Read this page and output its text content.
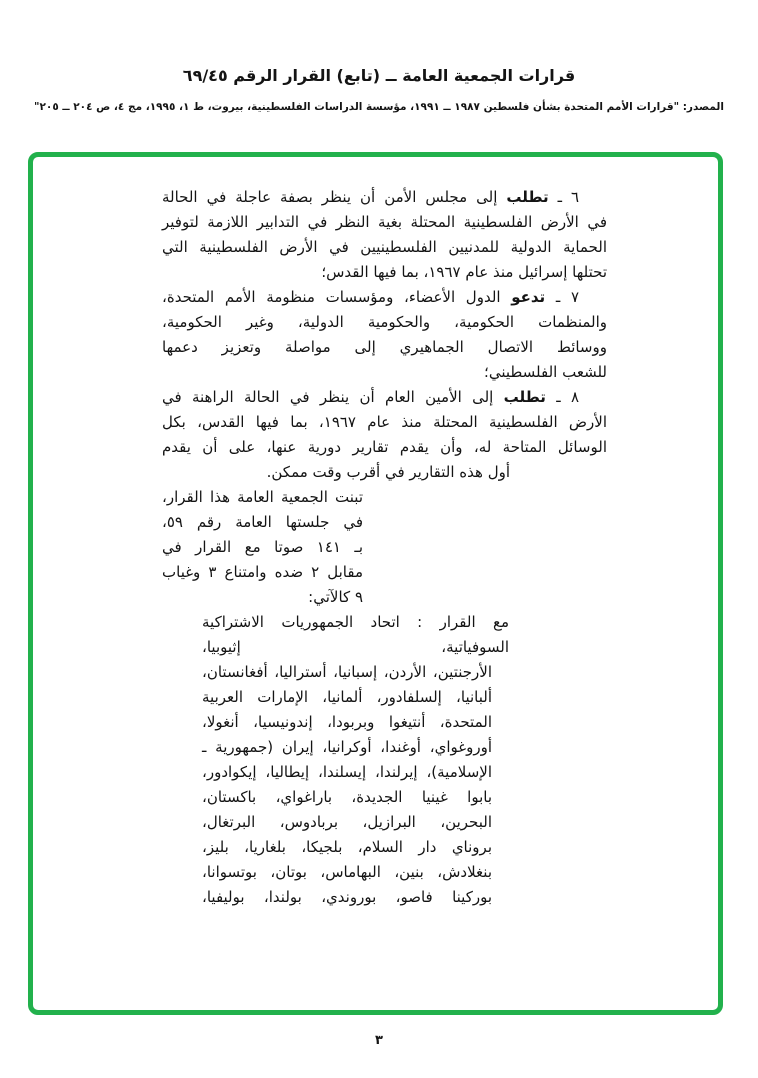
قرارات الجمعية العامة ــ (تابع) القرار الرقم ٦٩/٤٥
المصدر: "قرارات الأمم المتحدة بشأن فلسطين ١٩٨٧ ــ ١٩٩١، مؤسسة الدراسات الفلسطينية، بيروت، ط ١، ١٩٩٥، مج ٤، ص ٢٠٤ ــ ٢٠٥"
٦ ـ تطلب إلى مجلس الأمن أن ينظر بصفة عاجلة في الحالة
في الأرض الفلسطينية المحتلة بغية النظر في التدابير اللازمة لتوفير
الحماية الدولية للمدنيين الفلسطينيين في الأرض الفلسطينية التي
تحتلها إسرائيل منذ عام ١٩٦٧، بما فيها القدس؛
٧ ـ تدعو الدول الأعضاء، ومؤسسات منظومة الأمم المتحدة،
والمنظمات الحكومية، والحكومية الدولية، وغير الحكومية،
ووسائط الاتصال الجماهيري إلى مواصلة وتعزيز دعمها
للشعب الفلسطيني؛
٨ ـ تطلب إلى الأمين العام أن ينظر في الحالة الراهنة في
الأرض الفلسطينية المحتلة منذ عام ١٩٦٧، بما فيها القدس، بكل
الوسائل المتاحة له، وأن يقدم تقارير دورية عنها، على أن يقدم
أول هذه التقارير في أقرب وقت ممكن.
تبنت الجمعية العامة هذا القرار،
في جلستها العامة رقم ٥٩،
بـ ١٤١ صوتا مع القرار في
مقابل ٢ ضده وامتناع ٣ وغياب
٩ كالآتي:
مع القرار : اتحاد الجمهوريات الاشتراكية السوفياتية، إثيوبيا،
الأرجنتين، الأردن، إسبانيا، أستراليا، أفغانستان،
ألبانيا، إلسلفادور، ألمانيا، الإمارات العربية
المتحدة، أنتيغوا وبربودا، إندونيسيا، أنغولا،
أوروغواي، أوغندا، أوكرانيا، إيران (جمهورية ـ
الإسلامية)، إيرلندا، إيسلندا، إيطاليا، إيكوادور،
بابوا غينيا الجديدة، باراغواي، باكستان،
البحرين، البرازيل، بربادوس، البرتغال،
بروناي دار السلام، بلجيكا، بلغاريا، بليز،
بنغلادش، بنين، البهاماس، بوتان، بوتسوانا،
بوركينا فاصو، بوروندي، بولندا، بوليفيا،
٣
